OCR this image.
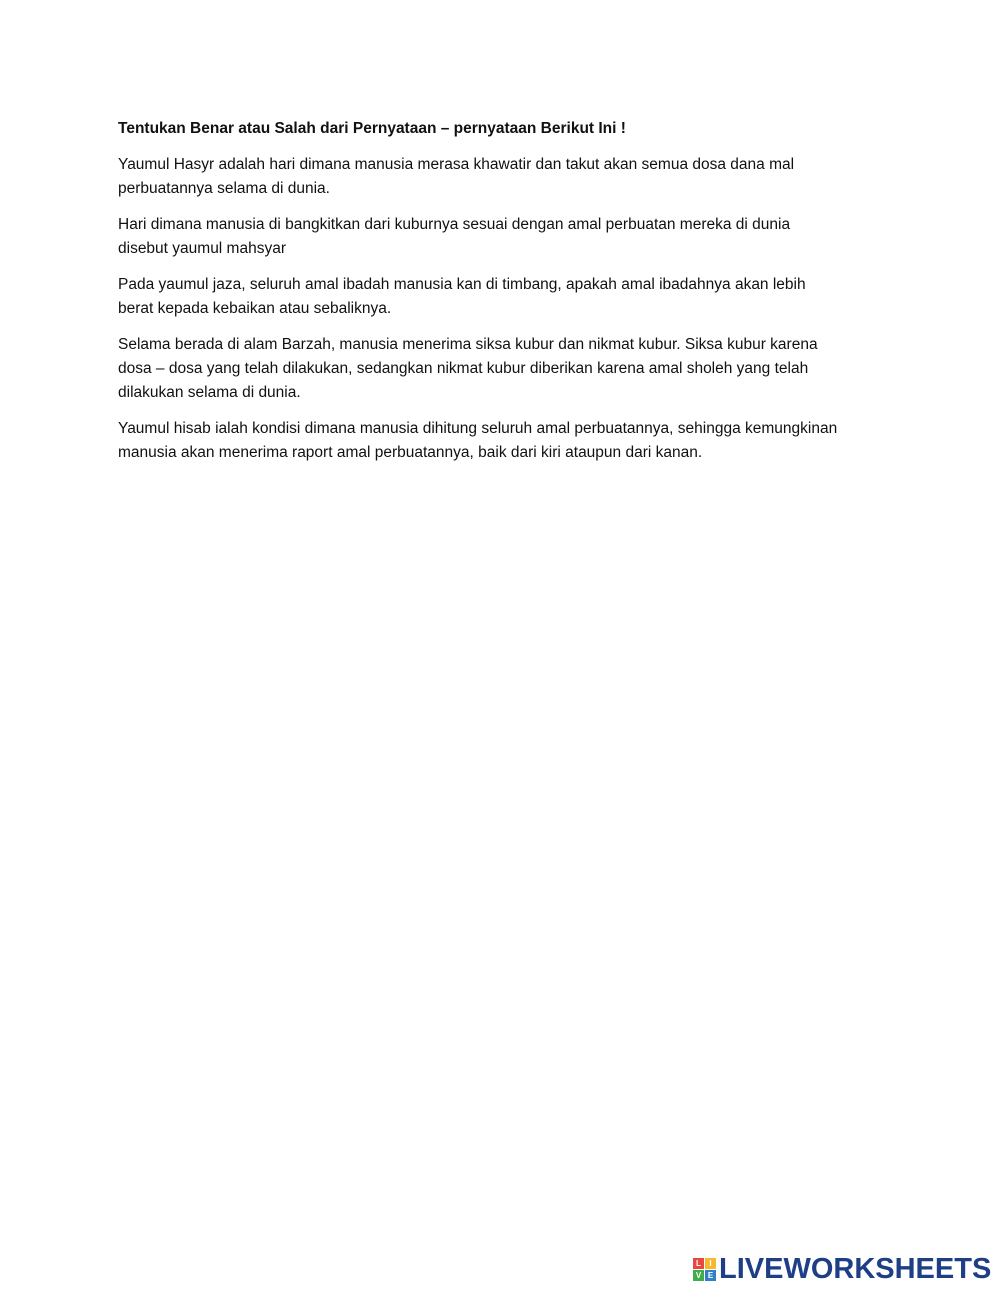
Tentukan Benar atau Salah dari Pernyataan – pernyataan Berikut Ini !

Yaumul Hasyr adalah hari dimana manusia merasa khawatir dan takut akan semua dosa dana mal
perbuatannya selama di dunia.

Hari dimana manusia di bangkitkan dari kuburnya sesuai dengan amal perbuatan mereka di dunia
disebut yaumul mahsyar

Pada yaumul jaza, seluruh amal ibadah manusia kan di timbang, apakah amal ibadahnya akan lebih
berat kepada kebaikan atau sebaliknya.

Selama berada di alam Barzah, manusia menerima siksa kubur dan nikmat kubur. Siksa kubur karena
dosa – dosa yang telah dilakukan, sedangkan nikmat kubur diberikan karena amal sholeh yang telah
dilakukan selama di dunia.

Yaumul hisab ialah kondisi dimana manusia dihitung seluruh amal perbuatannya, sehingga kemungkinan
manusia akan menerima raport amal perbuatannya, baik dari kiri ataupun dari kanan.

L	I
V E LIVEWORKSHEETS
